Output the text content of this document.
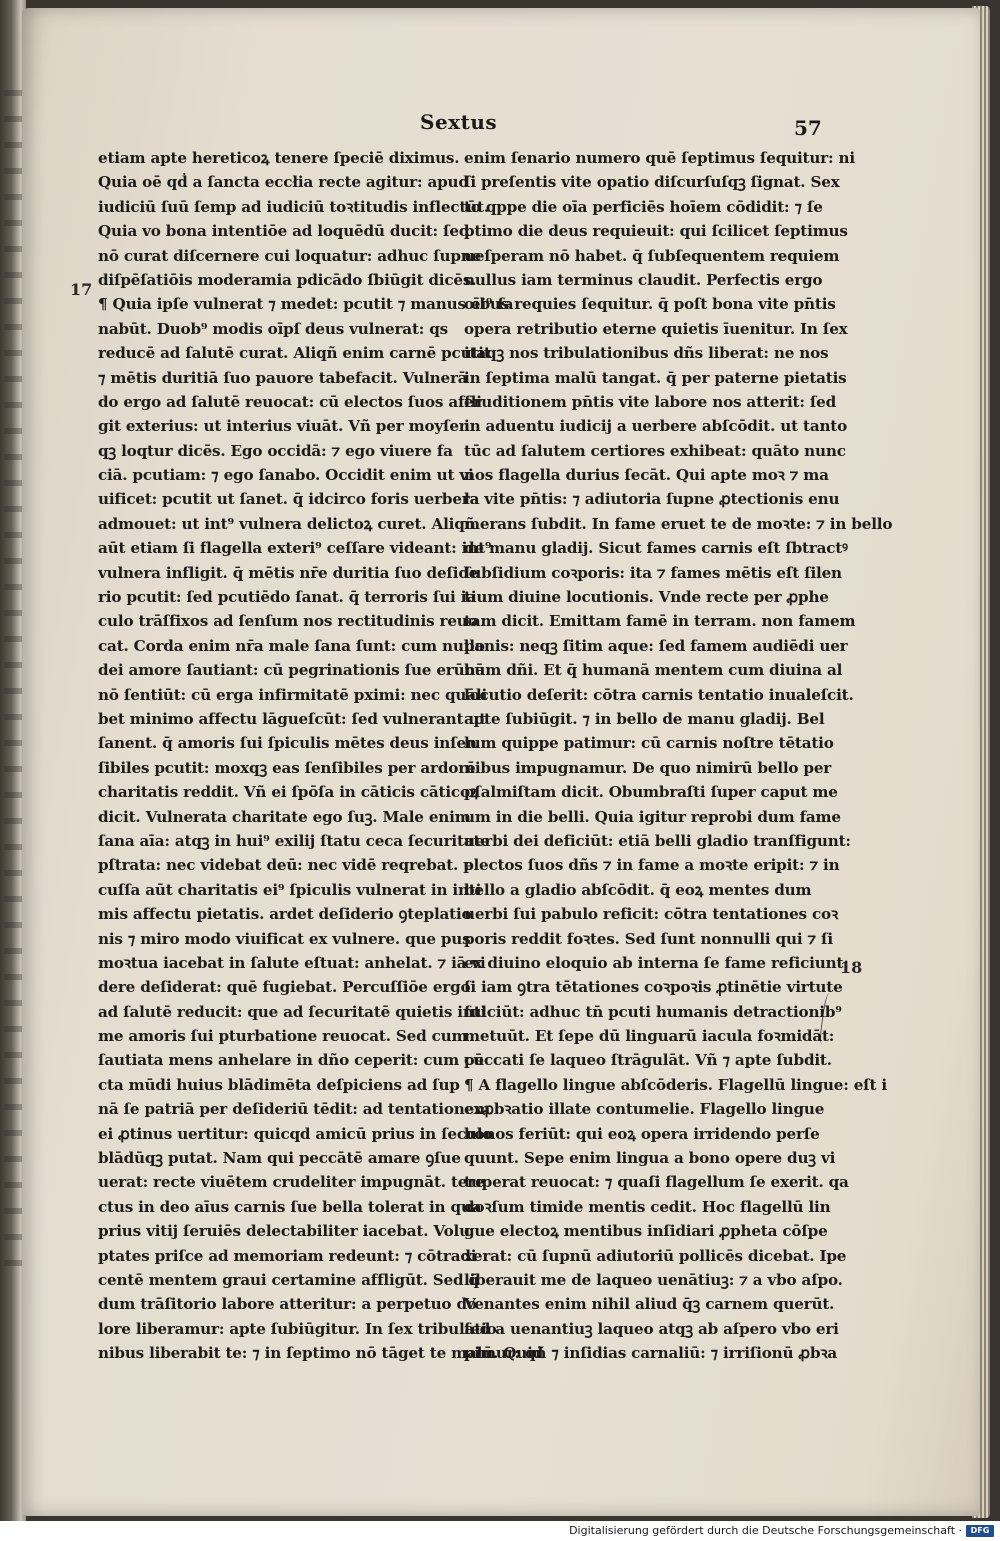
Sextus	57
17
18
etiam apte hereticoꝝ tenere ſpeciē diximus.
Quia oē qḋ a ſancta eccłia recte agitur: apud
iudiciū ſuū ſemp ad iudiciū toꝛtitudis inflectūt.
Quia vo bona intentiōe ad loquēdū ducit: ſed
nō curat diſcernere cui loquatur: adhuc ſupne
diſpēſatiōis moderamia pdicādo ſbiūgit dicēs.
¶ Quia ipſe vulnerat ⁊ medet: pcutit ⁊ manus ei⁹ ſa
nabūt. Duob⁹ modis oīpſ deus vulnerat: qs
reducē ad ſalutē curat. Aliqñ enim carnē pcutit
⁊ mētis duritiā ſuo pauore tabefacit. Vulnerā
do ergo ad ſalutē reuocat: cū electos ſuos affli
git exterius: ut interius viuāt. Vñ per moyſen
qꝫ loqtur dicēs. Ego occidā: ⁊ ego viuere fa
ciā. pcutiam: ⁊ ego ſanabo. Occidit enim ut vi
uificet: pcutit ut ſanet. q̄ idcirco foris uerbera
admouet: ut int⁹ vulnera delictoꝝ curet. Aliqñ
aūt etiam ſi flagella exteri⁹ ceſſare videant: int⁹
vulnera infligit. q̄ mētis nr̄e duritia ſuo deſide
rio pcutit: ſed pcutiēdo ſanat. q̄ terroris ſui ia
culo trāſfixos ad ſenſum nos rectitudinis reuo
cat. Corda enim nr̄a male ſana ſunt: cum nullo
dei amore ſautiant: cū pegrinationis ſue erūnā
nō ſentiūt: cū erga infirmitatē pximi: nec quāli
bet minimo affectu lāgueſcūt: ſed vulnerant ut
ſanent. q̄ amoris ſui ſpiculis mētes deus inſen
ſibiles pcutit: moxqꝫ eas ſenſibiles per ardorē
charitatis reddit. Vñ ei ſpōſa in cāticis cāticoꝝ
dicit. Vulnerata charitate ego ſuꝫ. Male enim
ſana aīa: atqꝫ in hui⁹ exilij ſtatu ceca ſecuritate
pſtrata: nec videbat deū: nec vidē reqrebat. p
cuſſa aūt charitatis ei⁹ ſpiculis vulnerat in inti
mis affectu pietatis. ardet deſiderio ꝯteplatio
nis ⁊ miro modo viuificat ex vulnere. que pus
moꝛtua iacebat in ſalute eſtuat: anhelat. ⁊ iā vi
dere deſiderat: quē fugiebat. Percuſſiōe ergo
ad ſalutē reducit: que ad ſecuritatē quietis inti
me amoris ſui pturbatione reuocat. Sed cum
ſautiata mens anhelare in dño ceperit: cum cū
cta mūdi huius blādimēta deſpiciens ad ſup
nā ſe patriā per deſideriū tēdit: ad tentationem
ei ꝓtinus uertitur: quicqd amicū prius in ſeculo
blādūqꝫ putat. Nam qui peccātē amare ꝯſue
uerat: recte viuētem crudeliter impugnāt. tere
ctus in deo aīus carnis ſue bella tolerat in qua
prius vitij ſeruiēs delectabiliter iacebat. Volu
ptates priſce ad memoriam redeunt: ⁊ cōtradi
centē mentem graui certamine affligūt. Sed q̄
dum trāſitorio labore atteritur: a perpetuo do
lore liberamur: apte ſubiūgitur. In ſex tribulatio
nibus liberabit te: ⁊ in ſeptimo nō tāget te malū. Quid
enim ſenario numero quē ſeptimus ſequitur: ni
ſi preſentis vite opatio diſcurſuſqꝫ ſignat. Sex
to qppe die oīa perficiēs hoīem cōdidit: ⁊ ſe
ptimo die deus requieuit: qui ſcilicet ſeptimus
ueſperam nō habet. q̄ ſubſequentem requiem
nullus iam terminus claudit. Perfectis ergo
oībus requies ſequitur. q̄ poſt bona vite pn̄tis
opera retributio eterne quietis īuenitur. In ſex
itaqꝫ nos tribulationibus dñs liberat: ne nos
in ſeptima malū tangat. q̄ per paterne pietatis
eruditionem pn̄tis vite labore nos atterit: ſed
in aduentu iudicij a uerbere abſcōdit. ut tanto
tūc ad ſalutem certiores exhibeat: quāto nunc
nos flagella durius ſecāt. Qui apte moꝛ ⁊ ma
la vite pn̄tis: ⁊ adiutoria ſupne ꝓtectionis enu
merans ſubdit. In fame eruet te de moꝛte: ⁊ in bello
de manu gladij. Sicut fames carnis eſt ſbtractꝰ
ſubſidium coꝛporis: ita ⁊ fames mētis eſt ſilen
tium diuine locutionis. Vnde recte per ꝓphe
tam dicit. Emittam famē in terram. non famem
panis: neqꝫ ſitim aque: ſed famem audiēdi uer
bum dñi. Et q̄ humanā mentem cum diuina al
locutio deſerit: cōtra carnis tentatio inualeſcit.
apte ſubiūgit. ⁊ in bello de manu gladij. Bel
lum quippe patimur: cū carnis noſtre tētatio
nibus impugnamur. De quo nimirū bello per
pſalmiſtam dicit. Obumbraſti ſuper caput me
um in die belli. Quia igitur reprobi dum fame
uerbi dei deficiūt: etiā belli gladio tranſfigunt:
electos ſuos dñs ⁊ in fame a moꝛte eripit: ⁊ in
bello a gladio abſcōdit. q̄ eoꝝ mentes dum
uerbi ſui pabulo reficit: cōtra tentationes coꝛ
poris reddit foꝛtes. Sed ſunt nonnulli qui ⁊ ſi
ex diuino eloquio ab interna ſe fame reficiunt:
ſi iam ꝯtra tētationes coꝛpoꝛis ꝓtinētie virtute
fulciūt: adhuc tn̄ pcuti humanis detractionib⁹
metuūt. Et ſepe dū linguarū iacula foꝛmidāt:
peccati ſe laqueo ſtrāgulāt. Vñ ⁊ apte ſubdit.
¶ A flagello lingue abſcōderis. Flagellū lingue: eſt i
exꝓbꝛatio illate contumelie. Flagello lingue
bonos feriūt: qui eoꝝ opera irridendo perſe
quunt. Sepe enim lingua a bono opere duꝫ vi
tuperat reuocat: ⁊ quaſi flagellum ſe exerit. qa
doꝛſum timide mentis cedit. Hoc flagellū lin
gue electoꝝ mentibus inſidiari ꝓpheta cōſpe
xerat: cū ſupnū adiutoriū pollicēs dicebat. Ipe
liberauit me de laqueo uenātiuꝫ: ⁊ a vbo aſpo.
Venantes enim nihil aliud q̄ꝫ carnem querūt.
ſed a uenantiuꝫ laqueo atqꝫ ab aſpero vbo eri
pimur: qñ ⁊ inſidias carnaliū: ⁊ irriſionū ꝓbꝛa
Digitalisierung gefördert durch die Deutsche Forschungsgemeinschaft ·	DFG
